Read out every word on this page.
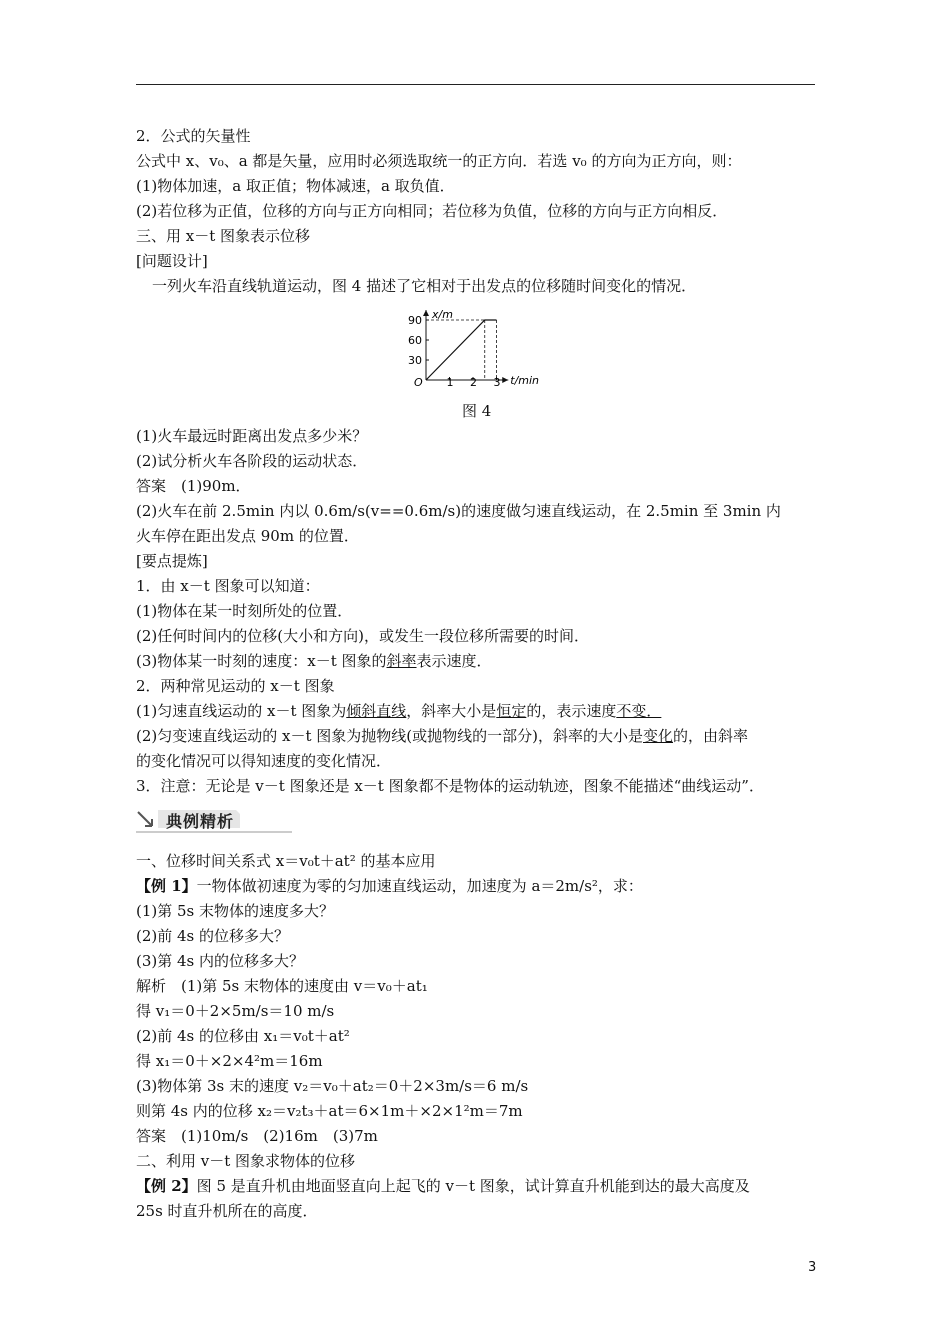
2．公式的矢量性
公式中 x、v₀、a 都是矢量，应用时必须选取统一的正方向．若选 v₀ 的方向为正方向，则：
(1)物体加速，a 取正值；物体减速，a 取负值．
(2)若位移为正值，位移的方向与正方向相同；若位移为负值，位移的方向与正方向相反．
三、用 x－t 图象表示位移
[问题设计]
一列火车沿直线轨道运动，图 4 描述了它相对于出发点的位移随时间变化的情况．
x/m
t/min
O 1 2 3
30
60
90
图 4
(1)火车最远时距离出发点多少米？
(2)试分析火车各阶段的运动状态．
答案　(1)90m．
(2)火车在前 2.5min 内以 0.6m/s(v==0.6m/s)的速度做匀速直线运动，在 2.5min 至 3min 内
火车停在距出发点 90m 的位置．
[要点提炼]
1．由 x－t 图象可以知道：
(1)物体在某一时刻所处的位置．
(2)任何时间内的位移(大小和方向)，或发生一段位移所需要的时间．
(3)物体某一时刻的速度：x－t 图象的斜率表示速度．
2．两种常见运动的 x－t 图象
(1)匀速直线运动的 x－t 图象为倾斜直线，斜率大小是恒定的，表示速度不变．
(2)匀变速直线运动的 x－t 图象为抛物线(或抛物线的一部分)，斜率的大小是变化的，由斜率
的变化情况可以得知速度的变化情况．
3．注意：无论是 v－t 图象还是 x－t 图象都不是物体的运动轨迹，图象不能描述“曲线运动”．
典例精析
一、位移时间关系式 x＝v₀t＋at² 的基本应用
【例 1】一物体做初速度为零的匀加速直线运动，加速度为 a＝2m/s²，求：
(1)第 5s 末物体的速度多大？
(2)前 4s 的位移多大？
(3)第 4s 内的位移多大？
解析　(1)第 5s 末物体的速度由 v＝v₀＋at₁
得 v₁＝0＋2×5m/s＝10 m/s
(2)前 4s 的位移由 x₁＝v₀t＋at²
得 x₁＝0＋×2×4²m＝16m
(3)物体第 3s 末的速度 v₂＝v₀＋at₂＝0＋2×3m/s＝6 m/s
则第 4s 内的位移 x₂＝v₂t₃＋at＝6×1m＋×2×1²m＝7m
答案　(1)10m/s　(2)16m　(3)7m
二、利用 v－t 图象求物体的位移
【例 2】图 5 是直升机由地面竖直向上起飞的 v－t 图象，试计算直升机能到达的最大高度及
25s 时直升机所在的高度．
3
